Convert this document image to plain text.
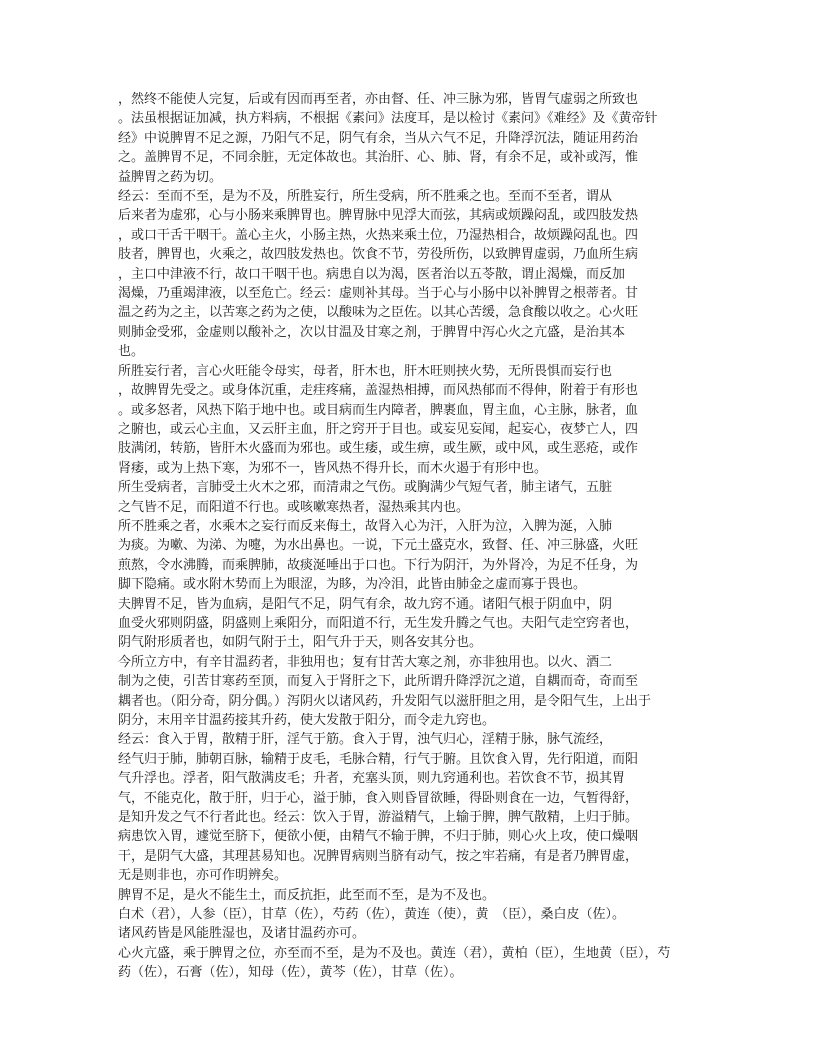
，然终不能使人完复，后或有因而再至者，亦由督、任、冲三脉为邪，皆胃气虚弱之所致也

。法虽根据证加减，执方料病，不根据《素问》法度耳，是以检讨《素问》《难经》及《黄帝针

经》中说脾胃不足之源，乃阳气不足，阴气有余，当从六气不足，升降浮沉法，随证用药治

之。盖脾胃不足，不同余脏，无定体故也。其治肝、心、肺、肾，有余不足，或补或泻，惟

益脾胃之药为切。

经云：至而不至，是为不及，所胜妄行，所生受病，所不胜乘之也。至而不至者，谓从

后来者为虚邪，心与小肠来乘脾胃也。脾胃脉中见浮大而弦，其病或烦躁闷乱，或四肢发热

，或口干舌干咽干。盖心主火，小肠主热，火热来乘土位，乃湿热相合，故烦躁闷乱也。四

肢者，脾胃也，火乘之，故四肢发热也。饮食不节，劳役所伤，以致脾胃虚弱，乃血所生病

，主口中津液不行，故口干咽干也。病患自以为渴，医者治以五苓散，谓止渴燥，而反加

渴燥，乃重竭津液，以至危亡。经云：虚则补其母。当于心与小肠中以补脾胃之根蒂者。甘

温之药为之主，以苦寒之药为之使，以酸味为之臣佐。以其心苦缓，急食酸以收之。心火旺

则肺金受邪，金虚则以酸补之，次以甘温及甘寒之剂，于脾胃中泻心火之亢盛，是治其本

也。

所胜妄行者，言心火旺能令母实，母者，肝木也，肝木旺则挟火势，无所畏惧而妄行也

，故脾胃先受之。或身体沉重，走疰疼痛，盖湿热相搏，而风热郁而不得伸，附着于有形也

。或多怒者，风热下陷于地中也。或目病而生内障者，脾裹血，胃主血，心主脉，脉者，血

之腑也，或云心主血，又云肝主血，肝之窍开于目也。或妄见妄闻，起妄心，夜梦亡人，四

肢满闭，转筋，皆肝木火盛而为邪也。或生痿，或生痹，或生厥，或中风，或生恶疮，或作

肾痿，或为上热下寒，为邪不一，皆风热不得升长，而木火遏于有形中也。

所生受病者，言肺受土火木之邪，而清肃之气伤。或胸满少气短气者，肺主诸气，五脏

之气皆不足，而阳道不行也。或咳嗽寒热者，湿热乘其内也。

所不胜乘之者，水乘木之妄行而反来侮土，故肾入心为汗，入肝为泣，入脾为涎，入肺

为痰。为嗽、为涕、为嚏，为水出鼻也。一说，下元土盛克水，致督、任、冲三脉盛，火旺

煎熬，令水沸腾，而乘脾肺，故痰涎唾出于口也。下行为阴汗，为外肾冷，为足不任身，为

脚下隐痛。或水附木势而上为眼涩，为眵，为冷泪，此皆由肺金之虚而寡于畏也。

夫脾胃不足，皆为血病，是阳气不足，阴气有余，故九窍不通。诸阳气根于阴血中，阴

血受火邪则阴盛，阴盛则上乘阳分，而阳道不行，无生发升腾之气也。夫阳气走空窍者也，

阴气附形质者也，如阴气附于土，阳气升于天，则各安其分也。

今所立方中，有辛甘温药者，非独用也；复有甘苦大寒之剂，亦非独用也。以火、酒二

制为之使，引苦甘寒药至顶，而复入于肾肝之下，此所谓升降浮沉之道，自耦而奇，奇而至

耦者也。（阳分奇，阴分偶。）泻阴火以诸风药，升发阳气以滋肝胆之用，是令阳气生，上出于

阴分，末用辛甘温药接其升药，使大发散于阳分，而令走九窍也。

经云：食入于胃，散精于肝，淫气于筋。食入于胃，浊气归心，淫精于脉，脉气流经，

经气归于肺，肺朝百脉，输精于皮毛，毛脉合精，行气于腑。且饮食入胃，先行阳道，而阳

气升浮也。浮者，阳气散满皮毛；升者，充塞头顶，则九窍通利也。若饮食不节，损其胃

气，不能克化，散于肝，归于心，溢于肺，食入则昏冒欲睡，得卧则食在一边，气暂得舒，

是知升发之气不行者此也。经云：饮入于胃，游溢精气，上输于脾，脾气散精，上归于肺。

病患饮入胃，遽觉至脐下，便欲小便，由精气不输于脾，不归于肺，则心火上攻，使口燥咽

干，是阴气大盛，其理甚易知也。况脾胃病则当脐有动气，按之牢若痛，有是者乃脾胃虚，

无是则非也，亦可作明辨矣。

脾胃不足，是火不能生土，而反抗拒，此至而不至，是为不及也。

白术（君），人参（臣），甘草（佐），芍药（佐），黄连（使），黄　（臣），桑白皮（佐）。

诸风药皆是风能胜湿也，及诸甘温药亦可。

心火亢盛，乘于脾胃之位，亦至而不至，是为不及也。黄连（君），黄柏（臣），生地黄（臣），芍

药（佐），石膏（佐），知母（佐），黄芩（佐），甘草（佐）。
